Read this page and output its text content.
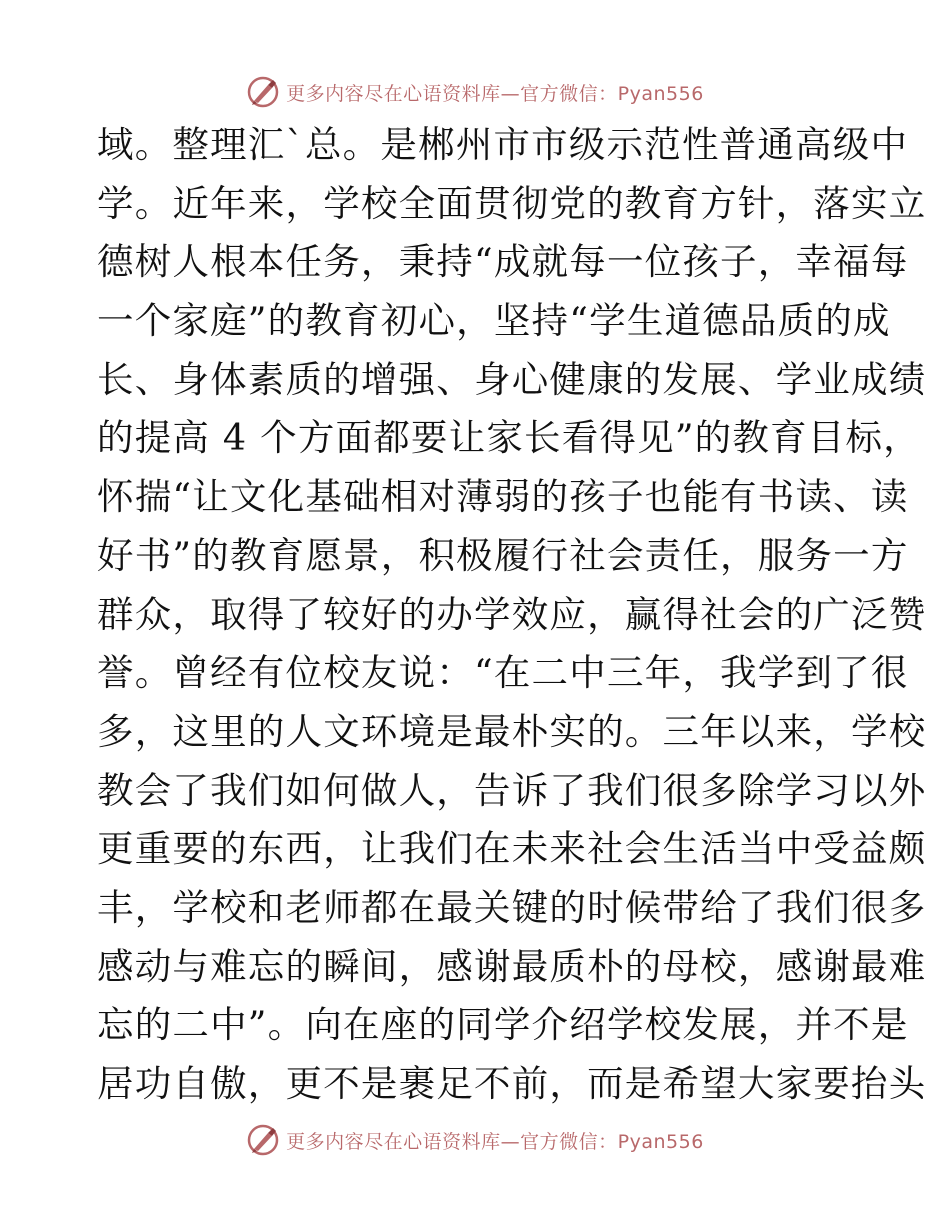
更多内容尽在心语资料库—官方微信：Pyan556
域。整理汇`总。是郴州市市级示范性普通高级中
学。近年来，学校全面贯彻党的教育方针，落实立
德树人根本任务，秉持“成就每一位孩子，幸福每
一个家庭”的教育初心，坚持“学生道德品质的成
长、身体素质的增强、身心健康的发展、学业成绩
的提高 4 个方面都要让家长看得见”的教育目标，
怀揣“让文化基础相对薄弱的孩子也能有书读、读
好书”的教育愿景，积极履行社会责任，服务一方
群众，取得了较好的办学效应，赢得社会的广泛赞
誉。曾经有位校友说：“在二中三年，我学到了很
多，这里的人文环境是最朴实的。三年以来，学校
教会了我们如何做人，告诉了我们很多除学习以外
更重要的东西，让我们在未来社会生活当中受益颇
丰，学校和老师都在最关键的时候带给了我们很多
感动与难忘的瞬间，感谢最质朴的母校，感谢最难
忘的二中”。向在座的同学介绍学校发展，并不是
居功自傲，更不是裹足不前，而是希望大家要抬头
更多内容尽在心语资料库—官方微信：Pyan556
